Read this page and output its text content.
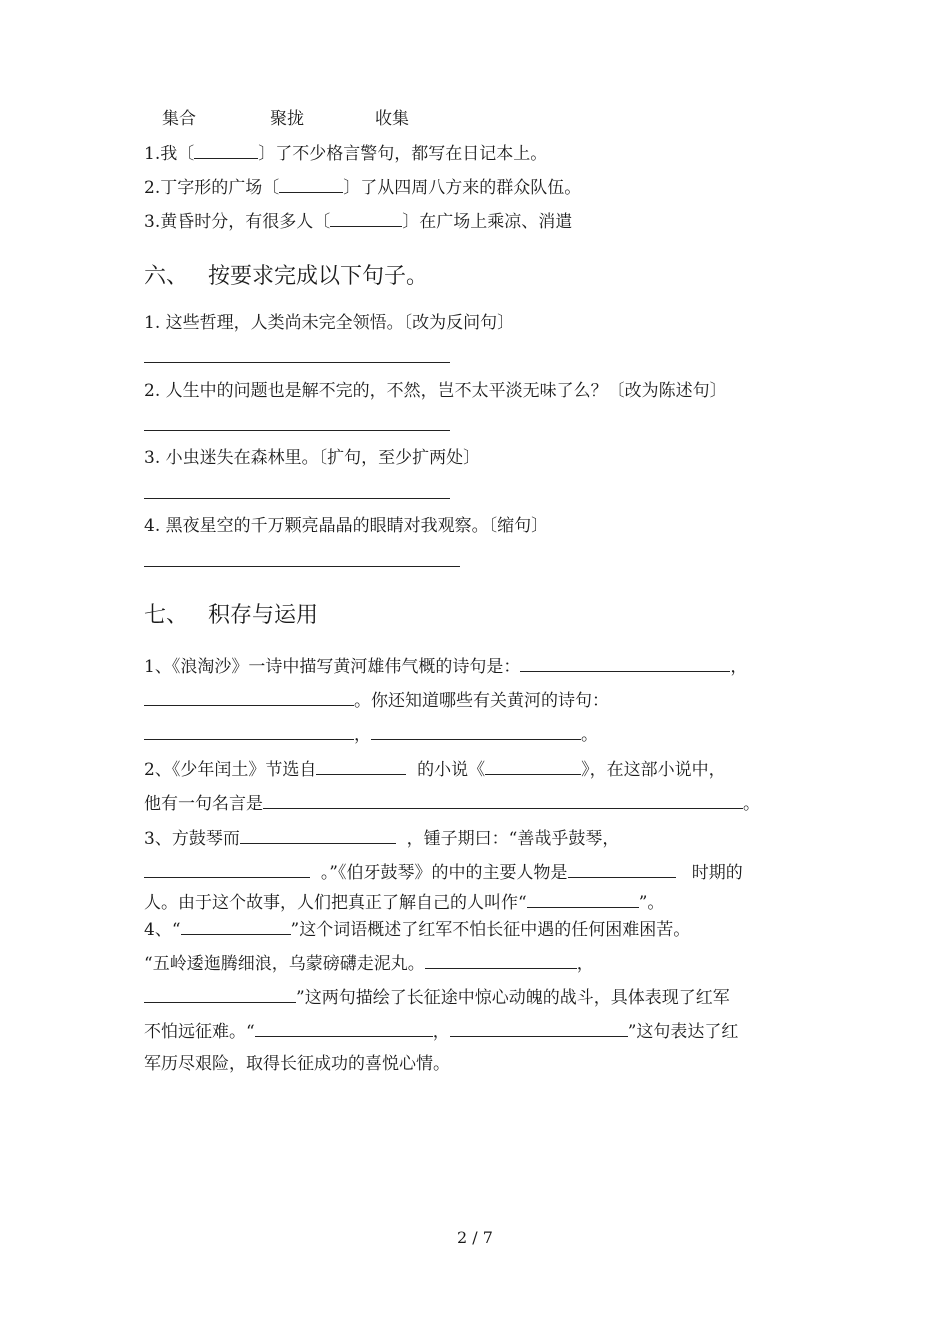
集合	聚拢	收集
1.我〔	〕了不少格言警句，都写在日记本上。
2.丁字形的广场〔	〕了从四周八方来的群众队伍。
3.黄昏时分，有很多人〔	〕在广场上乘凉、消遣
六、 按要求完成以下句子。
1. 这些哲理，人类尚未完全领悟。〔改为反问句〕
2. 人生中的问题也是解不完的，不然，岂不太平淡无味了么？〔改为陈述句〕
3. 小虫迷失在森林里。〔扩句，至少扩两处〕
4. 黑夜星空的千万颗亮晶晶的眼睛对我观察。〔缩句〕
七、 积存与运用
1、《浪淘沙》一诗中描写黄河雄伟气概的诗句是：	，
。你还知道哪些有关黄河的诗句：
，	。
2、《少年闰土》节选自	的小说《	》，在这部小说中，
他有一句名言是	。
3、方鼓琴而	，锺子期曰：“善哉乎鼓琴，
。”《伯牙鼓琴》的中的主要人物是	时期的
人。由于这个故事，人们把真正了解自己的人叫作“	”。
4、“	”这个词语概述了红军不怕长征中遇的任何困难困苦。
“五岭逶迤腾细浪，乌蒙磅礴走泥丸。	，
”这两句描绘了长征途中惊心动魄的战斗，具体表现了红军
不怕远征难。“	，	”这句表达了红
军历尽艰险，取得长征成功的喜悦心情。
2 / 7
